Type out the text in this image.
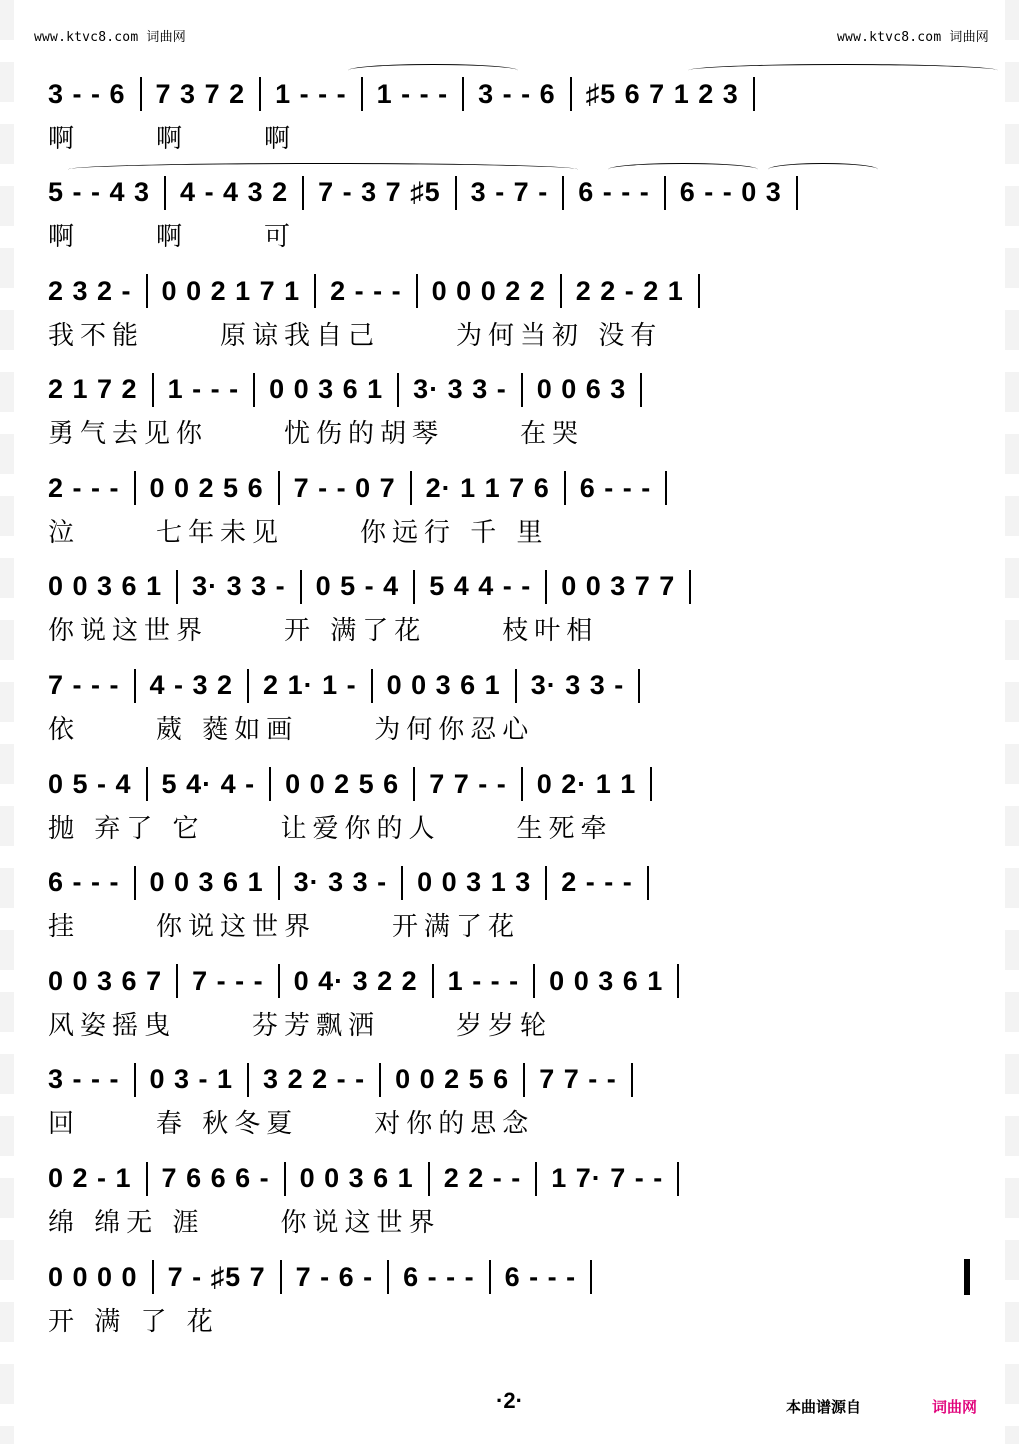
www.ktvc8.com 词曲网	www.ktvc8.com 词曲网
3 - - 6 7 3 7 2 1 - - - 1 - - - 3 - - 6 ♯5 6 7 1 2 3
啊	啊	啊
5 - - 4 3 4 - 4 3 2 7 - 3 7 ♯5 3 - 7 - 6 - - - 6 - - 0 3
啊	啊	可
2 3 2 - 0 0 2 1 7 1 2 - - - 0 0 0 2 2 2 2 - 2 1
我不能	原谅我自己	为何当初 没有
2 1 7 2 1 - - - 0 0 3 6 1 3· 3 3 - 0 0 6 3
勇气去见你	忧伤的胡琴	在哭
2 - - - 0 0 2 5 6 7 - - 0 7 2· 1 1 7 6 6 - - -
泣	七年未见	你远行 千 里
0 0 3 6 1 3· 3 3 - 0 5 - 4 5 4 4 - - 0 0 3 7 7
你说这世界	开 满了花	枝叶相
7 - - - 4 - 3 2 2 1· 1 - 0 0 3 6 1 3· 3 3 -
依	葳 蕤如画	为何你忍心
0 5 - 4 5 4· 4 - 0 0 2 5 6 7 7 - - 0 2· 1 1
抛 弃了 它	让爱你的人	生死牵
6 - - - 0 0 3 6 1 3· 3 3 - 0 0 3 1 3 2 - - -
挂	你说这世界	开满了花
0 0 3 6 7 7 - - - 0 4· 3 2 2 1 - - - 0 0 3 6 1
风姿摇曳	芬芳飘洒	岁岁轮
3 - - - 0 3 - 1 3 2 2 - - 0 0 2 5 6 7 7 - -
回	春 秋冬夏	对你的思念
0 2 - 1 7 6 6 6 - 0 0 3 6 1 2 2 - - 1 7· 7 - -
绵 绵无 涯	你说这世界
0 0 0 0 7 - ♯5 7 7 - 6 - 6 - - - 6 - - -
开 满 了 花
·2·	本曲谱源自	词曲网
